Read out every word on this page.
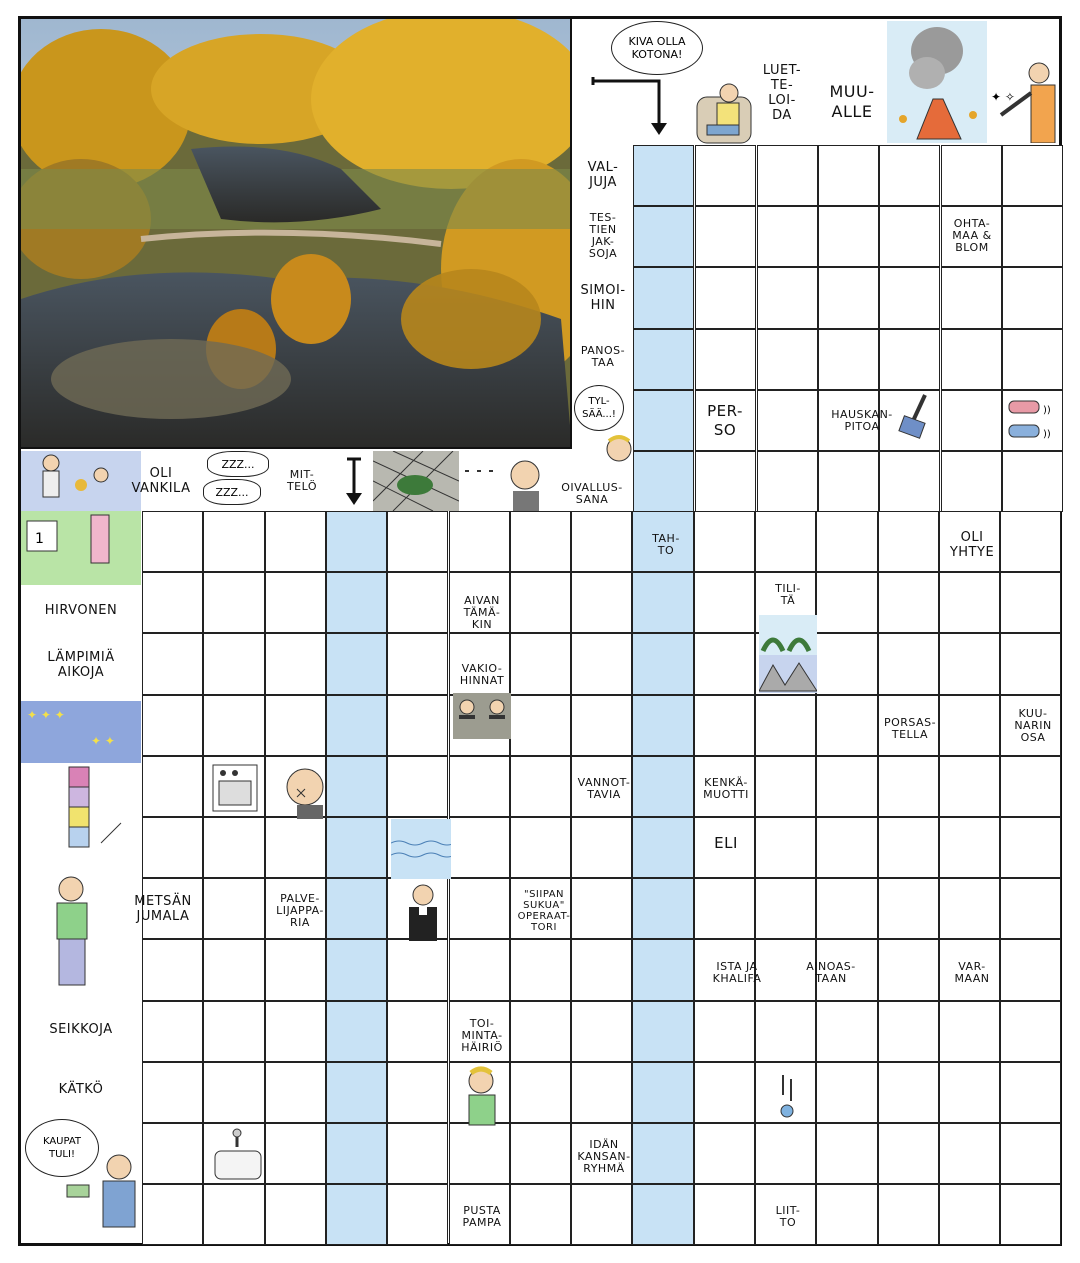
KIVA OLLA
KOTONA!
LUET-
TE-
LOI-
DA
MUU-
ALLE
✦ ✧
VAL-
JUJA
TES-
TIEN
JAK-
SOJA
SIMOI-
HIN
PANOS-
TAA
TYL-
SÄÄ...!	PER-
SO
HAUSKAN-
PITOA
OHTA-
MAA &
BLOM
))
))
OLI
VANKILA
ZZZ...
ZZZ...
MIT-
TELÖ	OIVALLUS-
SANA
1
HIRVONEN
LÄMPIMIÄ
AIKOJA
✦ ✦ ✦
✦ ✦
METSÄN
JUMALA
SEIKKOJA
KÄTKÖ
KAUPAT
TULI!
TAH-
TO
OLI
YHTYE
AIVAN
TÄMÄ-
KIN
TILI-
TÄ
VAKIO-
HINNAT
PORSAS-
TELLA
KUU-
NARIN
OSA
VANNOT-
TAVIA
KENKÄ-
MUOTTI
ELI
PALVE-
LIJAPPA-
RIA
"SIIPAN
SUKUA"
OPERAAT-
TORI
ISTA JA
KHALIFA
AINOAS-
TAAN
VAR-
MAAN
TOI-
MINTA-
HÄIRIÖ
IDÄN
KANSAN-
RYHMÄ
PUSTA
PAMPA
LIIT-
TO
